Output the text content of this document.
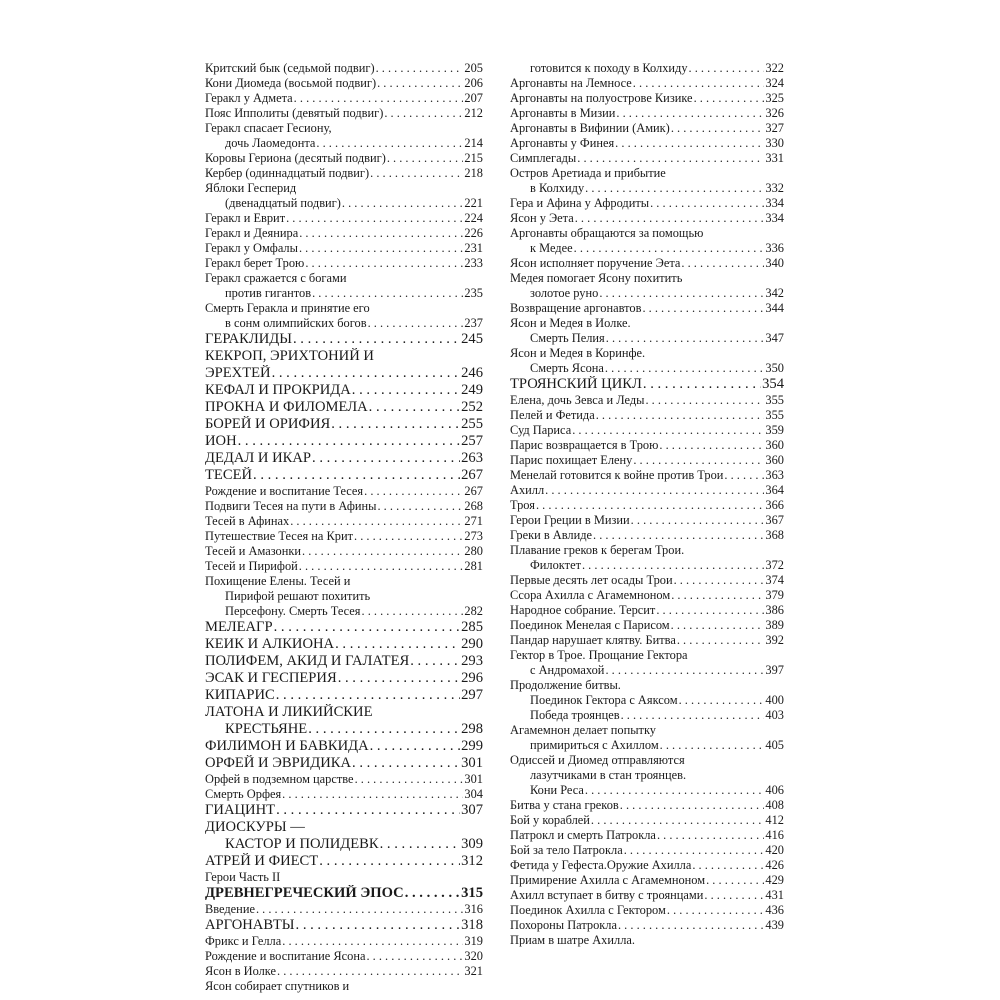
Критский бык (седьмой подвиг) . . .	205
Кони Диомеда (восьмой подвиг) . . .	206
Геракл у Адмета . . .	207
Пояс Ипполиты (девятый подвиг) . . .	212
Геракл спасает Гесиону,
дочь Лаомедонта . . .	214
Коровы Гериона (десятый подвиг) . . .	215
Кербер (одиннадцатый подвиг) . . .	218
Яблоки Гесперид
(двенадцатый подвиг) . . .	221
Геракл и Еврит . . .	224
Геракл и Деянира . . .	226
Геракл у Омфалы . . .	231
Геракл берет Трою . . .	233
Геракл сражается с богами
против гигантов . . .	235
Смерть Геракла и принятие его
в сонм олимпийских богов . . .	237
ГЕРАКЛИДЫ . . .	245
КЕКРОП, ЭРИХТОНИЙ И
ЭРЕХТЕЙ . . .	246
КЕФАЛ И ПРОКРИДА . . .	249
ПРОКНА И ФИЛОМЕЛА . . .	252
БОРЕЙ И ОРИФИЯ . . .	255
ИОН . . .	257
ДЕДАЛ И ИКАР . . .	263
ТЕСЕЙ . . .	267
Рождение и воспитание Тесея . . .	267
Подвиги Тесея на пути в Афины . . .	268
Тесей в Афинах . . .	271
Путешествие Тесея на Крит . . .	273
Тесей и Амазонки . . .	280
Тесей и Пирифой . . .	281
Похищение Елены. Тесей и
Пирифой решают похитить
Персефону. Смерть Тесея . . .	282
МЕЛЕАГР . . .	285
КЕИК И АЛКИОНА . . .	290
ПОЛИФЕМ, АКИД И ГАЛАТЕЯ . . .	293
ЭСАК И ГЕСПЕРИЯ . . .	296
КИПАРИС . . .	297
ЛАТОНА И ЛИКИЙСКИЕ
КРЕСТЬЯНЕ . . .	298
ФИЛИМОН И БАВКИДА . . .	299
ОРФЕЙ И ЭВРИДИКА . . .	301
Орфей в подземном царстве . . .	301
Смерть Орфея . . .	304
ГИАЦИНТ . . .	307
ДИОСКУРЫ —
КАСТОР И ПОЛИДЕВК . . .	309
АТРЕЙ И ФИЕСТ . . .	312
Герои Часть II
ДРЕВНЕГРЕЧЕСКИЙ ЭПОС . . .	315
Введение . . .	316
АРГОНАВТЫ . . .	318
Фрикс и Гелла . . .	319
Рождение и воспитание Ясона . . .	320
Ясон в Иолке . . .	321
Ясон собирает спутников и
готовится к походу в Колхиду . . .	322
Аргонавты на Лемносе . . .	324
Аргонавты на полуострове Кизике . . .	325
Аргонавты в Мизии . . .	326
Аргонавты в Вифинии (Амик) . . .	327
Аргонавты у Финея . . .	330
Симплегады . . .	331
Остров Аретиада и прибытие
в Колхиду . . .	332
Гера и Афина у Афродиты . . .	334
Ясон у Эета . . .	334
Аргонавты обращаются за помощью
к Медее . . .	336
Ясон исполняет поручение Эета . . .	340
Медея помогает Ясону похитить
золотое руно . . .	342
Возвращение аргонавтов . . .	344
Ясон и Медея в Иолке.
Смерть Пелия . . .	347
Ясон и Медея в Коринфе.
Смерть Ясона . . .	350
ТРОЯНСКИЙ ЦИКЛ . . .	354
Елена, дочь Зевса и Леды . . .	355
Пелей и Фетида . . .	355
Суд Париса . . .	359
Парис возвращается в Трою . . .	360
Парис похищает Елену . . .	360
Менелай готовится к войне против Трои . . .	363
Ахилл . . .	364
Троя . . .	366
Герои Греции в Мизии . . .	367
Греки в Авлиде . . .	368
Плавание греков к берегам Трои.
Филоктет . . .	372
Первые десять лет осады Трои . . .	374
Ссора Ахилла с Агамемноном . . .	379
Народное собрание. Терсит . . .	386
Поединок Менелая с Парисом . . .	389
Пандар нарушает клятву. Битва . . .	392
Гектор в Трое. Прощание Гектора
с Андромахой . . .	397
Продолжение битвы.
Поединок Гектора с Аяксом . . .	400
Победа троянцев . . .	403
Агамемнон делает попытку
примириться с Ахиллом . . .	405
Одиссей и Диомед отправляются
лазутчиками в стан троянцев.
Кони Реса . . .	406
Битва у стана греков . . .	408
Бой у кораблей . . .	412
Патрокл и смерть Патрокла . . .	416
Бой за тело Патрокла . . .	420
Фетида у Гефеста.Оружие Ахилла . . .	426
Примирение Ахилла с Агамемноном . . .	429
Ахилл вступает в битву с троянцами . . .	431
Поединок Ахилла с Гектором . . .	436
Похороны Патрокла . . .	439
Приам в шатре Ахилла.
